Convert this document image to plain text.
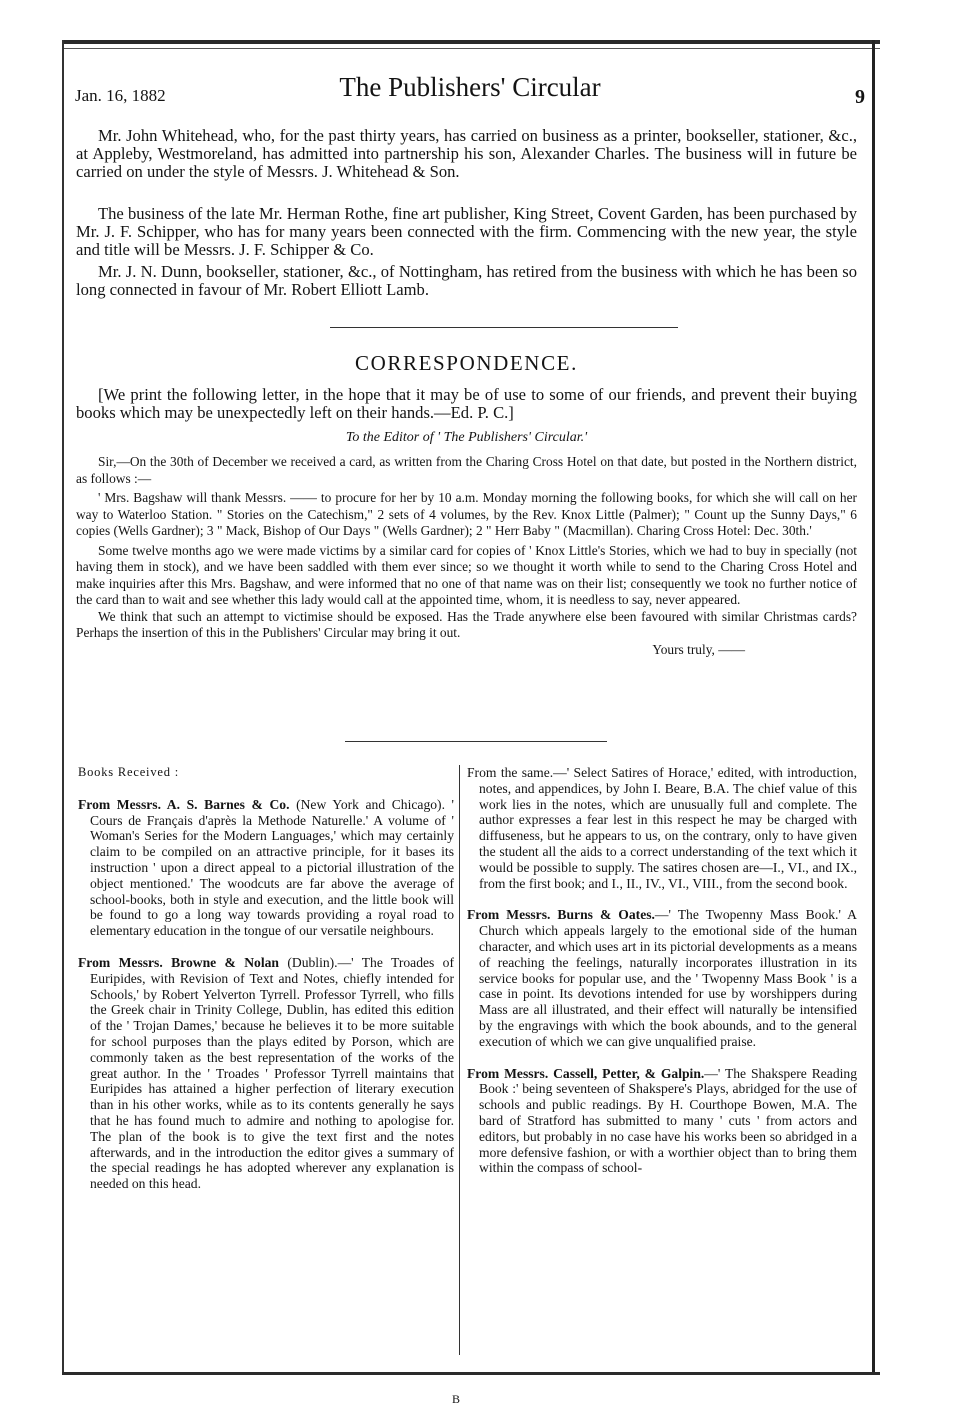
Jan. 16, 1882	The Publishers' Circular	9

Mr. John Whitehead, who, for the past thirty years, has carried on business as a printer, bookseller, stationer, &c., at Appleby, Westmoreland, has admitted into partnership his son, Alexander Charles. The business will in future be carried on under the style of Messrs. J. Whitehead & Son.

The business of the late Mr. Herman Rothe, fine art publisher, King Street, Covent Garden, has been purchased by Mr. J. F. Schipper, who has for many years been connected with the firm. Commencing with the new year, the style and title will be Messrs. J. F. Schipper & Co.

Mr. J. N. Dunn, bookseller, stationer, &c., of Nottingham, has retired from the business with which he has been so long connected in favour of Mr. Robert Elliott Lamb.

CORRESPONDENCE.

[We print the following letter, in the hope that it may be of use to some of our friends, and prevent their buying books which may be unexpectedly left on their hands.—Ed. P. C.]

To the Editor of ' The Publishers' Circular.'

Sir,—On the 30th of December we received a card, as written from the Charing Cross Hotel on that date, but posted in the Northern district, as follows :—

' Mrs. Bagshaw will thank Messrs. —— to procure for her by 10 a.m. Monday morning the following books, for which she will call on her way to Waterloo Station. " Stories on the Catechism," 2 sets of 4 volumes, by the Rev. Knox Little (Palmer); " Count up the Sunny Days," 6 copies (Wells Gardner); 3 " Mack, Bishop of Our Days " (Wells Gardner); 2 " Herr Baby " (Macmillan). Charing Cross Hotel: Dec. 30th.'

Some twelve months ago we were made victims by a similar card for copies of ' Knox Little's Stories, which we had to buy in specially (not having them in stock), and we have been saddled with them ever since; so we thought it worth while to send to the Charing Cross Hotel and make inquiries after this Mrs. Bagshaw, and were informed that no one of that name was on their list; consequently we took no further notice of the card than to wait and see whether this lady would call at the appointed time, whom, it is needless to say, never appeared.

We think that such an attempt to victimise should be exposed. Has the Trade anywhere else been favoured with similar Christmas cards? Perhaps the insertion of this in the Publishers' Circular may bring it out.

Yours truly, ——

Books Received :

From Messrs. A. S. Barnes & Co. (New York and Chicago). ' Cours de Français d'après la Methode Naturelle.' A volume of ' Woman's Series for the Modern Languages,' which may certainly claim to be compiled on an attractive principle, for it bases its instruction ' upon a direct appeal to a pictorial illustration of the object mentioned.' The woodcuts are far above the average of school-books, both in style and execution, and the little book will be found to go a long way towards providing a royal road to elementary education in the tongue of our versatile neighbours.

From Messrs. Browne & Nolan (Dublin).—' The Troades of Euripides, with Revision of Text and Notes, chiefly intended for Schools,' by Robert Yelverton Tyrrell. Professor Tyrrell, who fills the Greek chair in Trinity College, Dublin, has edited this edition of the ' Trojan Dames,' because he believes it to be more suitable for school purposes than the plays edited by Porson, which are commonly taken as the best representation of the works of the great author. In the ' Troades ' Professor Tyrrell maintains that Euripides has attained a higher perfection of literary execution than in his other works, while as to its contents generally he says that he has found much to admire and nothing to apologise for. The plan of the book is to give the text first and the notes afterwards, and in the introduction the editor gives a summary of the special readings he has adopted wherever any explanation is needed on this head.

From the same.—' Select Satires of Horace,' edited, with introduction, notes, and appendices, by John I. Beare, B.A. The chief value of this work lies in the notes, which are unusually full and complete. The author expresses a fear lest in this respect he may be charged with diffuseness, but he appears to us, on the contrary, only to have given the student all the aids to a correct understanding of the text which it would be possible to supply. The satires chosen are—I., VI., and IX., from the first book; and I., II., IV., VI., VIII., from the second book.

From Messrs. Burns & Oates.—' The Twopenny Mass Book.' A Church which appeals largely to the emotional side of the human character, and which uses art in its pictorial developments as a means of reaching the feelings, naturally incorporates illustration in its service books for popular use, and the ' Twopenny Mass Book ' is a case in point. Its devotions intended for use by worshippers during Mass are all illustrated, and their effect will naturally be intensified by the engravings with which the book abounds, and to the general execution of which we can give unqualified praise.

From Messrs. Cassell, Petter, & Galpin.—' The Shakspere Reading Book :' being seventeen of Shakspere's Plays, abridged for the use of schools and public readings. By H. Courthope Bowen, M.A. The bard of Stratford has submitted to many ' cuts ' from actors and editors, but probably in no case have his works been so abridged in a more defensive fashion, or with a worthier object than to bring them within the compass of school-

B
